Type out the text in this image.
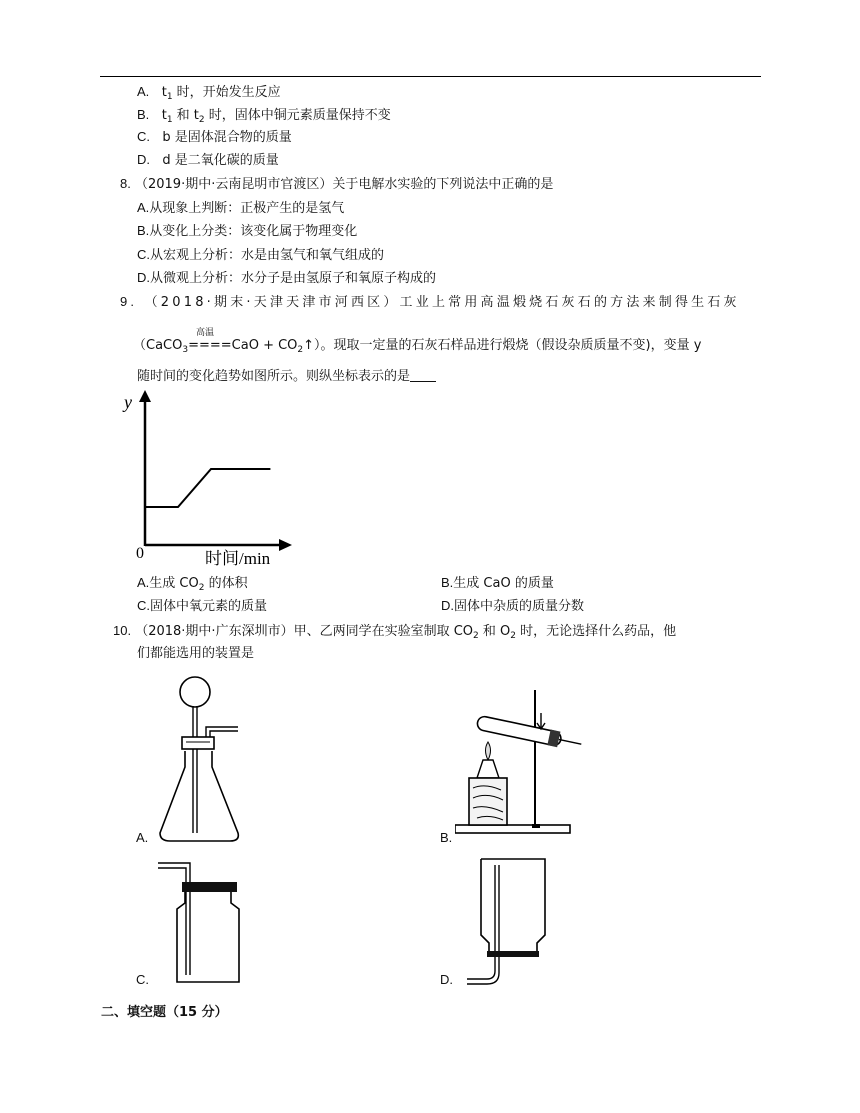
A. $t_1$ 时，开始发生反应
B. $t_1$ 和 $t_2$ 时，固体中铜元素质量保持不变
C. b 是固体混合物的质量
D. d 是二氧化碳的质量
8. （2019·期中·云南昆明市官渡区）关于电解水实验的下列说法中正确的是
A.从现象上判断：正极产生的是氢气
B.从变化上分类：该变化属于物理变化
C.从宏观上分析：水是由氢气和氧气组成的
D.从微观上分析：水分子是由氢原子和氧原子构成的
9. （2018·期末·天津天津市河西区）工业上常用高温煅烧石灰石的方法来制得生石灰
高温
（CaCO$_3$====CaO + $CO_2↑$）。现取一定量的石灰石样品进行煅烧（假设杂质质量不变)，变量 y
随时间的变化趋势如图所示。则纵坐标表示的是
y
0	时间/min
A.生成 $CO_2$ 的体积	B.生成 CaO 的质量
C.固体中氧元素的质量	D.固体中杂质的质量分数
10. （2018·期中·广东深圳市）甲、乙两同学在实验室制取 $CO_2$ 和 $O_2$ 时，无论选择什么药品，他
们都能选用的装置是
A.	B.
C.	D.
二、填空题（15 分）
